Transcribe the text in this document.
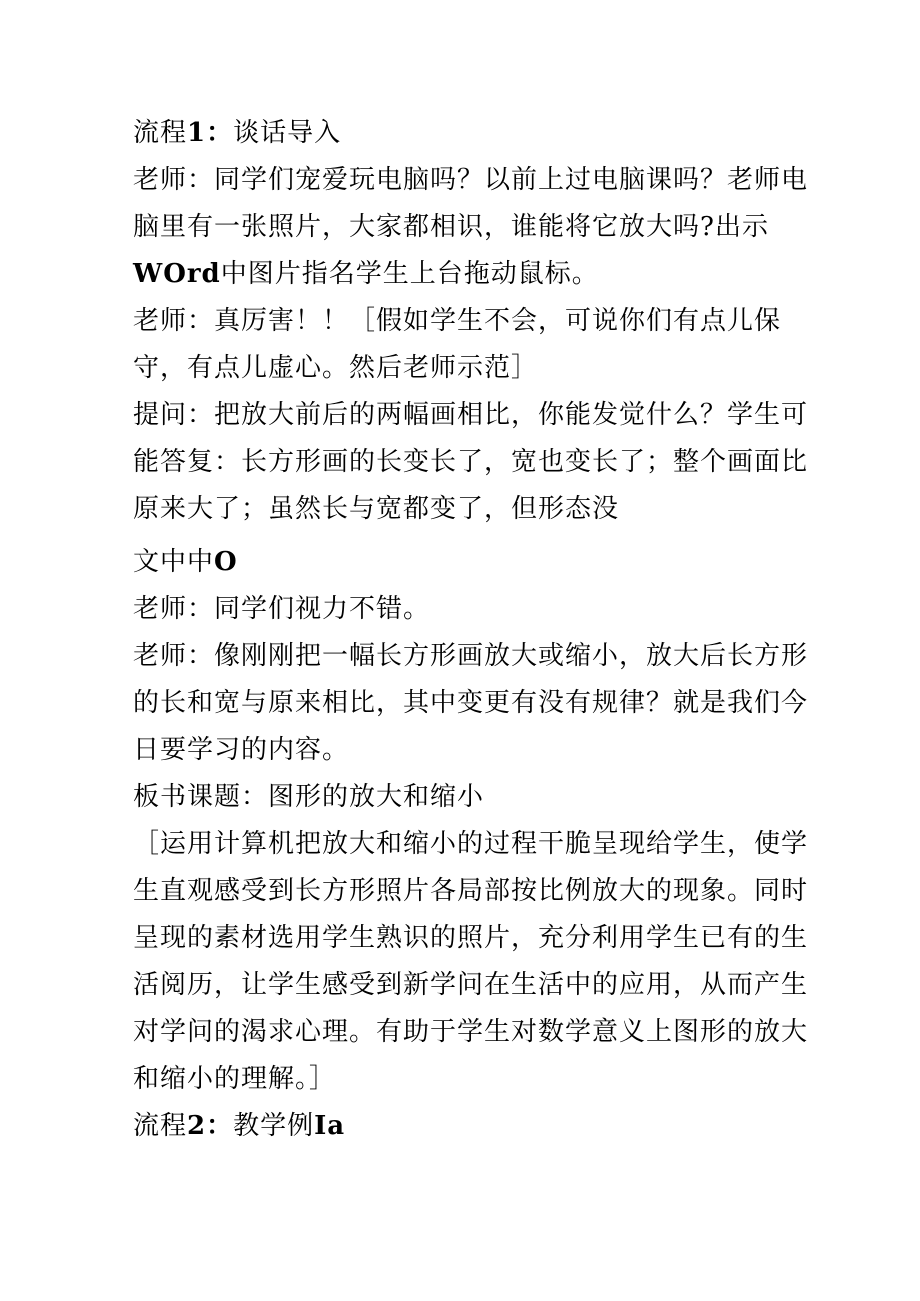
流程1：谈话导入
老师：同学们宠爱玩电脑吗？以前上过电脑课吗？老师电
脑里有一张照片，大家都相识，谁能将它放大吗?出示
WOrd中图片指名学生上台拖动鼠标。
老师：真厉害！！［假如学生不会，可说你们有点儿保
守，有点儿虚心。然后老师示范］
提问：把放大前后的两幅画相比，你能发觉什么？学生可
能答复：长方形画的长变长了，宽也变长了；整个画面比
原来大了；虽然长与宽都变了，但形态没
文中中O
老师：同学们视力不错。
老师：像刚刚把一幅长方形画放大或缩小，放大后长方形
的长和宽与原来相比，其中变更有没有规律？就是我们今
日要学习的内容。
板书课题：图形的放大和缩小
［运用计算机把放大和缩小的过程干脆呈现给学生，使学
生直观感受到长方形照片各局部按比例放大的现象。同时
呈现的素材选用学生熟识的照片，充分利用学生已有的生
活阅历，让学生感受到新学问在生活中的应用，从而产生
对学问的渴求心理。有助于学生对数学意义上图形的放大
和缩小的理解。］
流程2：教学例Ia
